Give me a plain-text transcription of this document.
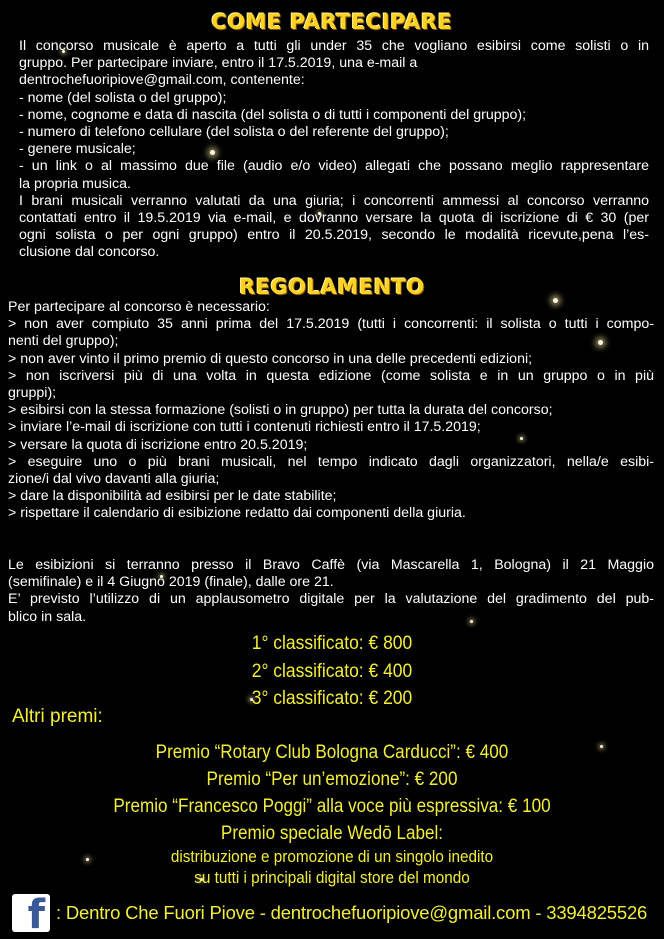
COME PARTECIPARE
Il concorso musicale è aperto a tutti gli under 35 che vogliano esibirsi come solisti o in
gruppo. Per partecipare inviare, entro il 17.5.2019, una e-mail a
dentrochefuoripiove@gmail.com, contenente:
- nome (del solista o del gruppo);
- nome, cognome e data di nascita (del solista o di tutti i componenti del gruppo);
- numero di telefono cellulare (del solista o del referente del gruppo);
- genere musicale;
- un link o al massimo due file (audio e/o video) allegati che possano meglio rappresentare
la propria musica.
I brani musicali verranno valutati da una giuria; i concorrenti ammessi al concorso verranno
contattati entro il 19.5.2019 via e-mail, e dovranno versare la quota di iscrizione di € 30 (per
ogni solista o per ogni gruppo) entro il 20.5.2019, secondo le modalità ricevute,pena l’es-
clusione dal concorso.
REGOLAMENTO
Per partecipare al concorso è necessario:
> non aver compiuto 35 anni prima del 17.5.2019 (tutti i concorrenti: il solista o tutti i compo-
nenti del gruppo);
> non aver vinto il primo premio di questo concorso in una delle precedenti edizioni;
> non iscriversi più di una volta in questa edizione (come solista e in un gruppo o in più
gruppi);
> esibirsi con la stessa formazione (solisti o in gruppo) per tutta la durata del concorso;
> inviare l’e-mail di iscrizione con tutti i contenuti richiesti entro il 17.5.2019;
> versare la quota di iscrizione entro 20.5.2019;
> eseguire uno o più brani musicali, nel tempo indicato dagli organizzatori, nella/e esibi-
zione/i dal vivo davanti alla giuria;
> dare la disponibilità ad esibirsi per le date stabilite;
> rispettare il calendario di esibizione redatto dai componenti della giuria.
Le esibizioni si terranno presso il Bravo Caffè (via Mascarella 1, Bologna) il 21 Maggio
(semifinale) e il 4 Giugno 2019 (finale), dalle ore 21.
E’ previsto l’utilizzo di un applausometro digitale per la valutazione del gradimento del pub-
blico in sala.
1° classificato: € 800
2° classificato: € 400
3° classificato: € 200
Altri premi:
Premio “Rotary Club Bologna Carducci”: € 400
Premio “Per un’emozione”: € 200
Premio “Francesco Poggi” alla voce più espressiva: € 100
Premio speciale Wedō Label:
distribuzione e promozione di un singolo inedito
su tutti i principali digital store del mondo
f : Dentro Che Fuori Piove - dentrochefuoripiove@gmail.com - 3394825526
